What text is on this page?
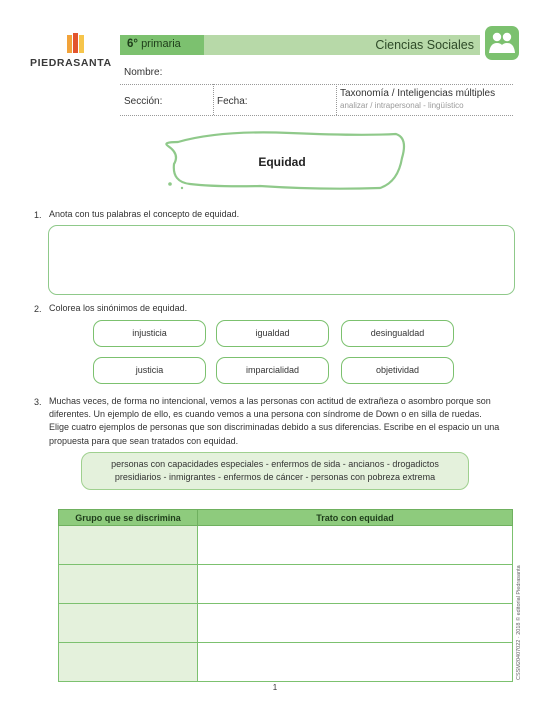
PIEDRASANTA
6° primaria	Ciencias Sociales
Nombre:
Sección:	Fecha:
Taxonomía / Inteligencias múltiples
analizar / intrapersonal - lingüístico
Equidad
1. Anota con tus palabras el concepto de equidad.
2. Colorea los sinónimos de equidad.
injusticia	igualdad	desingualdad
justicia	imparcialidad	objetividad
3. Muchas veces, de forma no intencional, vemos a las personas con actitud de extrañeza o asombro porque son
diferentes. Un ejemplo de ello, es cuando vemos a una persona con síndrome de Down o en silla de ruedas.
Elige cuatro ejemplos de personas que son discriminadas debido a sus diferencias. Escribe en el espacio un una
propuesta para que sean tratados con equidad.
personas con capacidades especiales - enfermos de sida - ancianos - drogadictos
presidiarios - inmigrantes - enfermos de cáncer - personas con pobreza extrema
Grupo que se discrimina	Trato con equidad

CSSM20407022 · 2018 © editorial Piedrasanta
1
